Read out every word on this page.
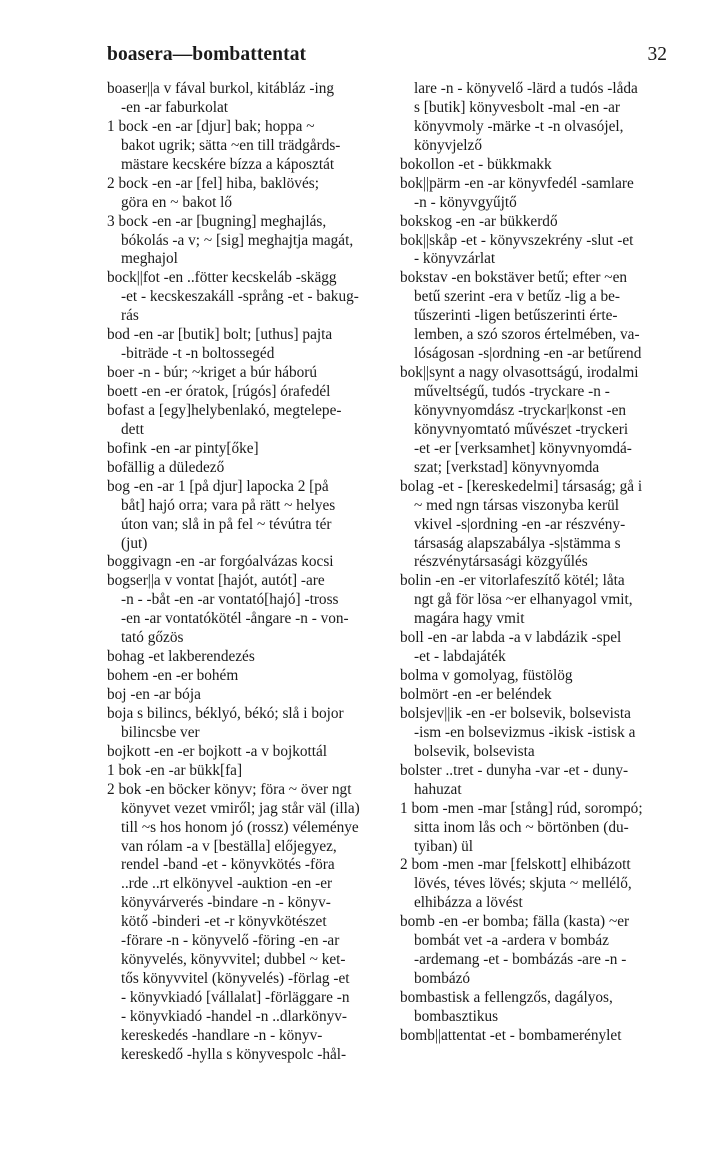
boasera—bombattentat	32
boaser||a v fával burkol, kitábláz -ing
-en -ar faburkolat
1 bock -en -ar [djur] bak; hoppa ~
bakot ugrik; sätta ~en till trädgårds-
mästare kecskére bízza a káposztát
2 bock -en -ar [fel] hiba, baklövés;
göra en ~ bakot lő
3 bock -en -ar [bugning] meghajlás,
bókolás -a v; ~ [sig] meghajtja magát,
meghajol
bock||fot -en ..fötter kecskeláb -skägg
-et - kecskeszakáll -språng -et - bakug-
rás
bod -en -ar [butik] bolt; [uthus] pajta
-biträde -t -n boltossegéd
boer -n - búr; ~kriget a búr háború
boett -en -er óratok, [rúgós] órafedél
bofast a [egy]helybenlakó, megtelepe-
dett
bofink -en -ar pinty[őke]
bofällig a düledező
bog -en -ar 1 [på djur] lapocka 2 [på
båt] hajó orra; vara på rätt ~ helyes
úton van; slå in på fel ~ tévútra tér
(jut)
boggivagn -en -ar forgóalvázas kocsi
bogser||a v vontat [hajót, autót] -are
-n - -båt -en -ar vontató[hajó] -tross
-en -ar vontatókötél -ångare -n - von-
tató gőzös
bohag -et lakberendezés
bohem -en -er bohém
boj -en -ar bója
boja s bilincs, béklyó, békó; slå i bojor
bilincsbe ver
bojkott -en -er bojkott -a v bojkottál
1 bok -en -ar bükk[fa]
2 bok -en böcker könyv; föra ~ över ngt
könyvet vezet vmiről; jag står väl (illa)
till ~s hos honom jó (rossz) véleménye
van rólam -a v [beställa] előjegyez,
rendel -band -et - könyvkötés -föra
..rde ..rt elkönyvel -auktion -en -er
könyvárverés -bindare -n - könyv-
kötő -binderi -et -r könyvkötészet
-förare -n - könyvelő -föring -en -ar
könyvelés, könyvvitel; dubbel ~ ket-
tős könyvvitel (könyvelés) -förlag -et
- könyvkiadó [vállalat] -förläggare -n
- könyvkiadó -handel -n ..dlarkönyv-
kereskedés -handlare -n - könyv-
kereskedő -hylla s könyvespolc -hål-
lare -n - könyvelő -lärd a tudós -låda
s [butik] könyvesbolt -mal -en -ar
könyvmoly -märke -t -n olvasójel,
könyvjelző
bokollon -et - bükkmakk
bok||pärm -en -ar könyvfedél -samlare
-n - könyvgyűjtő
bokskog -en -ar bükkerdő
bok||skåp -et - könyvszekrény -slut -et
- könyvzárlat
bokstav -en bokstäver betű; efter ~en
betű szerint -era v betűz -lig a be-
tűszerinti -ligen betűszerinti érte-
lemben, a szó szoros értelmében, va-
lóságosan -s|ordning -en -ar betűrend
bok||synt a nagy olvasottságú, irodalmi
műveltségű, tudós -tryckare -n -
könyvnyomdász -tryckar|konst -en
könyvnyomtató művészet -tryckeri
-et -er [verksamhet] könyvnyomdá-
szat; [verkstad] könyvnyomda
bolag -et - [kereskedelmi] társaság; gå i
~ med ngn társas viszonyba kerül
vkivel -s|ordning -en -ar részvény-
társaság alapszabálya -s|stämma s
részvénytársasági közgyűlés
bolin -en -er vitorlafeszítő kötél; låta
ngt gå för lösa ~er elhanyagol vmit,
magára hagy vmit
boll -en -ar labda -a v labdázik -spel
-et - labdajáték
bolma v gomolyag, füstölög
bolmört -en -er beléndek
bolsjev||ik -en -er bolsevik, bolsevista
-ism -en bolsevizmus -ikisk -istisk a
bolsevik, bolsevista
bolster ..tret - dunyha -var -et - duny-
hahuzat
1 bom -men -mar [stång] rúd, sorompó;
sitta inom lås och ~ börtönben (du-
tyiban) ül
2 bom -men -mar [felskott] elhibázott
lövés, téves lövés; skjuta ~ mellélő,
elhibázza a lövést
bomb -en -er bomba; fälla (kasta) ~er
bombát vet -a -ardera v bombáz
-ardemang -et - bombázás -are -n -
bombázó
bombastisk a fellengzős, dagályos,
bombasztikus
bomb||attentat -et - bombamerénylet
